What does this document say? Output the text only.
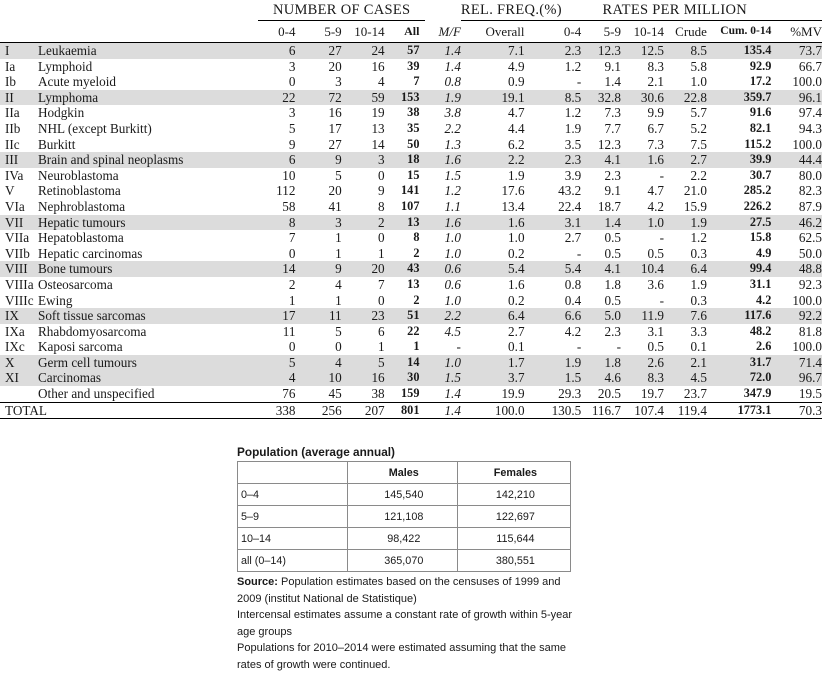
	NUMBER OF CASES					REL. FREQ.(%)	RATES PER MILLION						
	0-4	5-9	10-14	All	M/F	Overall	0-4	5-9	10-14	Crude	Cum. 0-14	%MV	
I Leukaemia	6	27	24	57	1.4	7.1	2.3	12.3	12.5	8.5	135.4	73.7	
Ia Lymphoid	3	20	16	39	1.4	4.9	1.2	9.1	8.3	5.8	92.9	66.7	
Ib Acute myeloid	0	3	4	7	0.8	0.9	-	1.4	2.1	1.0	17.2	100.0	
II Lymphoma	22	72	59	153	1.9	19.1	8.5	32.8	30.6	22.8	359.7	96.1	
IIa Hodgkin	3	16	19	38	3.8	4.7	1.2	7.3	9.9	5.7	91.6	97.4	
IIb NHL (except Burkitt)	5	17	13	35	2.2	4.4	1.9	7.7	6.7	5.2	82.1	94.3	
IIc Burkitt	9	27	14	50	1.3	6.2	3.5	12.3	7.3	7.5	115.2	100.0	
III Brain and spinal neoplasms	6	9	3	18	1.6	2.2	2.3	4.1	1.6	2.7	39.9	44.4	
IVa Neuroblastoma	10	5	0	15	1.5	1.9	3.9	2.3	-	2.2	30.7	80.0	
V Retinoblastoma	112	20	9	141	1.2	17.6	43.2	9.1	4.7	21.0	285.2	82.3	
VIa Nephroblastoma	58	41	8	107	1.1	13.4	22.4	18.7	4.2	15.9	226.2	87.9	
VII Hepatic tumours	8	3	2	13	1.6	1.6	3.1	1.4	1.0	1.9	27.5	46.2	
VIIa Hepatoblastoma	7	1	0	8	1.0	1.0	2.7	0.5	-	1.2	15.8	62.5	
VIIb Hepatic carcinomas	0	1	1	2	1.0	0.2	-	0.5	0.5	0.3	4.9	50.0	
VIII Bone tumours	14	9	20	43	0.6	5.4	5.4	4.1	10.4	6.4	99.4	48.8	
VIIIa Osteosarcoma	2	4	7	13	0.6	1.6	0.8	1.8	3.6	1.9	31.1	92.3	
VIIIc Ewing	1	1	0	2	1.0	0.2	0.4	0.5	-	0.3	4.2	100.0	
IX Soft tissue sarcomas	17	11	23	51	2.2	6.4	6.6	5.0	11.9	7.6	117.6	92.2	
IXa Rhabdomyosarcoma	11	5	6	22	4.5	2.7	4.2	2.3	3.1	3.3	48.2	81.8	
IXc Kaposi sarcoma	0	0	1	1	-	0.1	-	-	0.5	0.1	2.6	100.0	
X Germ cell tumours	5	4	5	14	1.0	1.7	1.9	1.8	2.6	2.1	31.7	71.4	
XI Carcinomas	4	10	16	30	1.5	3.7	1.5	4.6	8.3	4.5	72.0	96.7	
Other and unspecified	76	45	38	159	1.4	19.9	29.3	20.5	19.7	23.7	347.9	19.5	
TOTAL	338	256	207	801	1.4	100.0	130.5	116.7	107.4	119.4	1773.1	70.3	
Population (average annual)
	Males	Females
0–4	145,540	142,210
5–9	121,108	122,697
10–14	98,422	115,644
all (0–14)	365,070	380,551
Source: Population estimates based on the censuses of 1999 and 2009 (institut National de Statistique)
Intercensal estimates assume a constant rate of growth within 5-year age groups
Populations for 2010–2014 were estimated assuming that the same rates of growth were continued.
